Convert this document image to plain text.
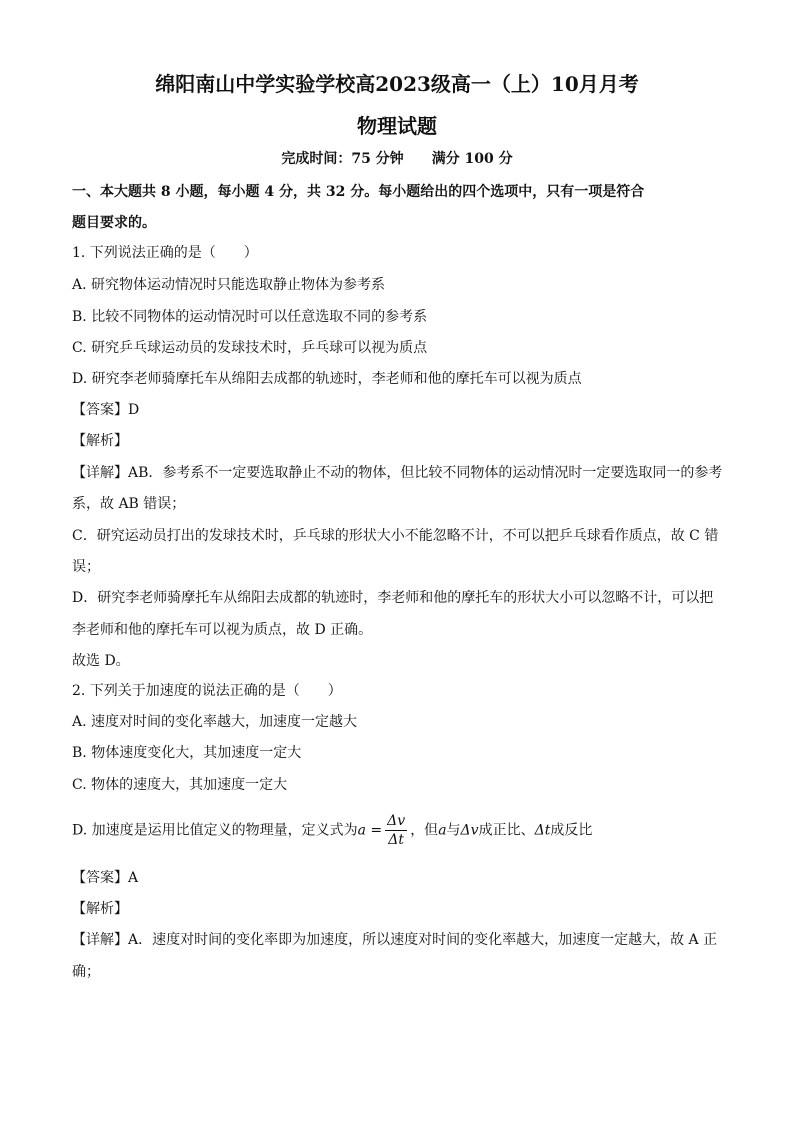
绵阳南山中学实验学校高2023级高一（上）10月月考
物理试题
完成时间：75 分钟 满分 100 分
一、本大题共 8 小题，每小题 4 分，共 32 分。每小题给出的四个选项中，只有一项是符合
题目要求的。
1. 下列说法正确的是（　　）
A. 研究物体运动情况时只能选取静止物体为参考系
B. 比较不同物体的运动情况时可以任意选取不同的参考系
C. 研究乒乓球运动员的发球技术时，乒乓球可以视为质点
D. 研究李老师骑摩托车从绵阳去成都的轨迹时，李老师和他的摩托车可以视为质点
【答案】D
【解析】
【详解】AB．参考系不一定要选取静止不动的物体，但比较不同物体的运动情况时一定要选取同一的参考
系，故 AB 错误；
C．研究运动员打出的发球技术时，乒乓球的形状大小不能忽略不计，不可以把乒乓球看作质点，故 C 错
误；
D．研究李老师骑摩托车从绵阳去成都的轨迹时，李老师和他的摩托车的形状大小可以忽略不计，可以把
李老师和他的摩托车可以视为质点，故 D 正确。
故选 D。
2. 下列关于加速度的说法正确的是（　　）
A. 速度对时间的变化率越大，加速度一定越大
B. 物体速度变化大，其加速度一定大
C. 物体的速度大，其加速度一定大
D. 加速度是运用比值定义的物理量，定义式为$a = \frac{\Delta v}{\Delta t}$ ，但a与Δv成正比、Δt成反比
【答案】A
【解析】
【详解】A．速度对时间的变化率即为加速度，所以速度对时间的变化率越大，加速度一定越大，故 A 正
确；
